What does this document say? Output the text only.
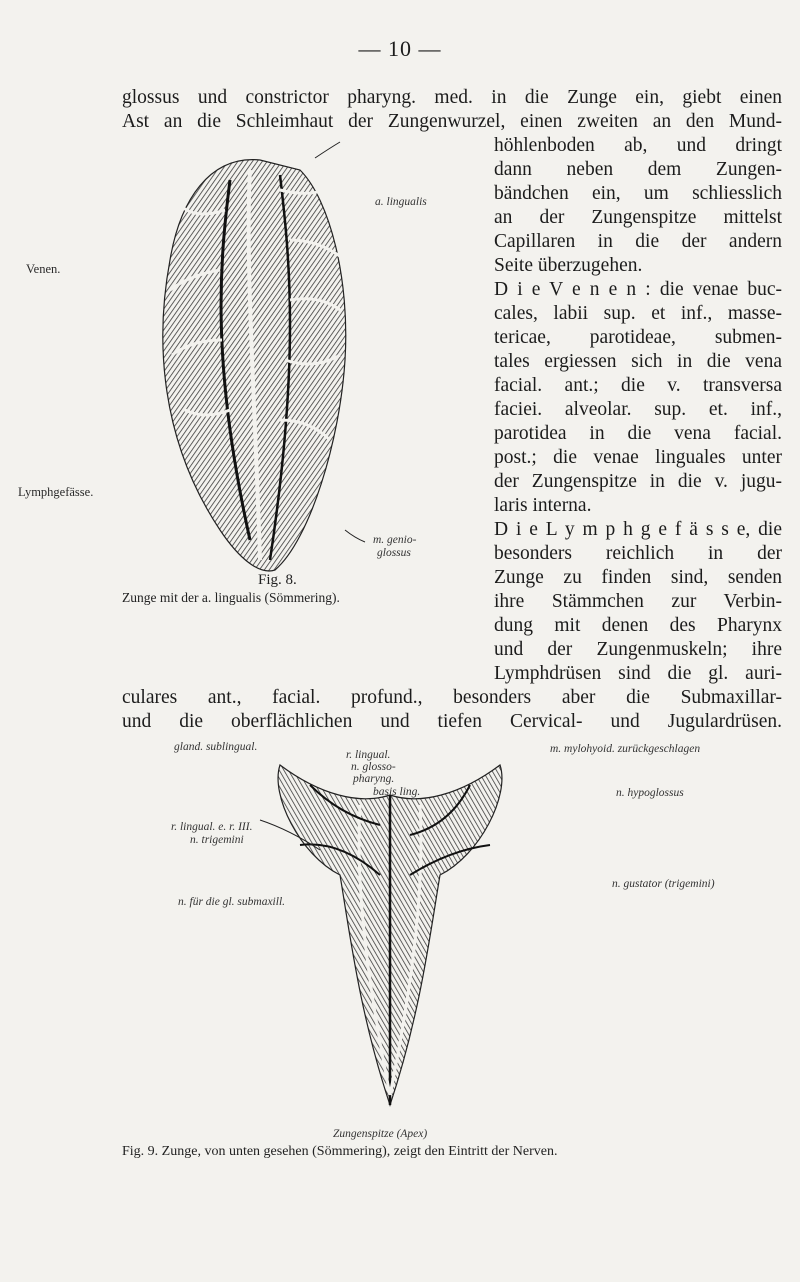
— 10 —
glossus und constrictor pharyng. med. in die Zunge ein, giebt einen
Ast an die Schleimhaut der Zungenwurzel, einen zweiten an den Mund-
höhlenboden ab, und dringt
dann neben dem Zungen-
bändchen ein, um schliesslich
an der Zungenspitze mittelst
Capillaren in die der andern
Seite überzugehen.
D i e V e n e n : die venae buc-
cales, labii sup. et inf., masse-
tericae, parotideae, submen-
tales ergiessen sich in die vena
facial. ant.; die v. transversa
faciei. alveolar. sup. et. inf.,
parotidea in die vena facial.
post.; die venae linguales unter
der Zungenspitze in die v. jugu-
laris interna.
D i e L y m p h g e f ä s s e, die
besonders reichlich in der
Zunge zu finden sind, senden
ihre Stämmchen zur Verbin-
dung mit denen des Pharynx
und der Zungenmuskeln; ihre
Lymphdrüsen sind die gl. auri-
culares ant., facial. profund., besonders aber die Submaxillar-
und die oberflächlichen und tiefen Cervical- und Jugulardrüsen.
Venen.
Lymphgefässe.
a. lingualis
m. genio-
glossus
Fig. 8.
Zunge mit der a. lingualis (Sömmering).
gland. sublingual.
r. lingual.
n. glosso-
pharyng.
basis ling.
m. mylohyoid. zurückgeschlagen
n. hypoglossus
r. lingual. e. r. III.
n. trigemini
n. gustator (trigemini)
n. für die gl. submaxill.
Zungenspitze (Apex)
Fig. 9. Zunge, von unten gesehen (Sömmering), zeigt den Eintritt der Nerven.
